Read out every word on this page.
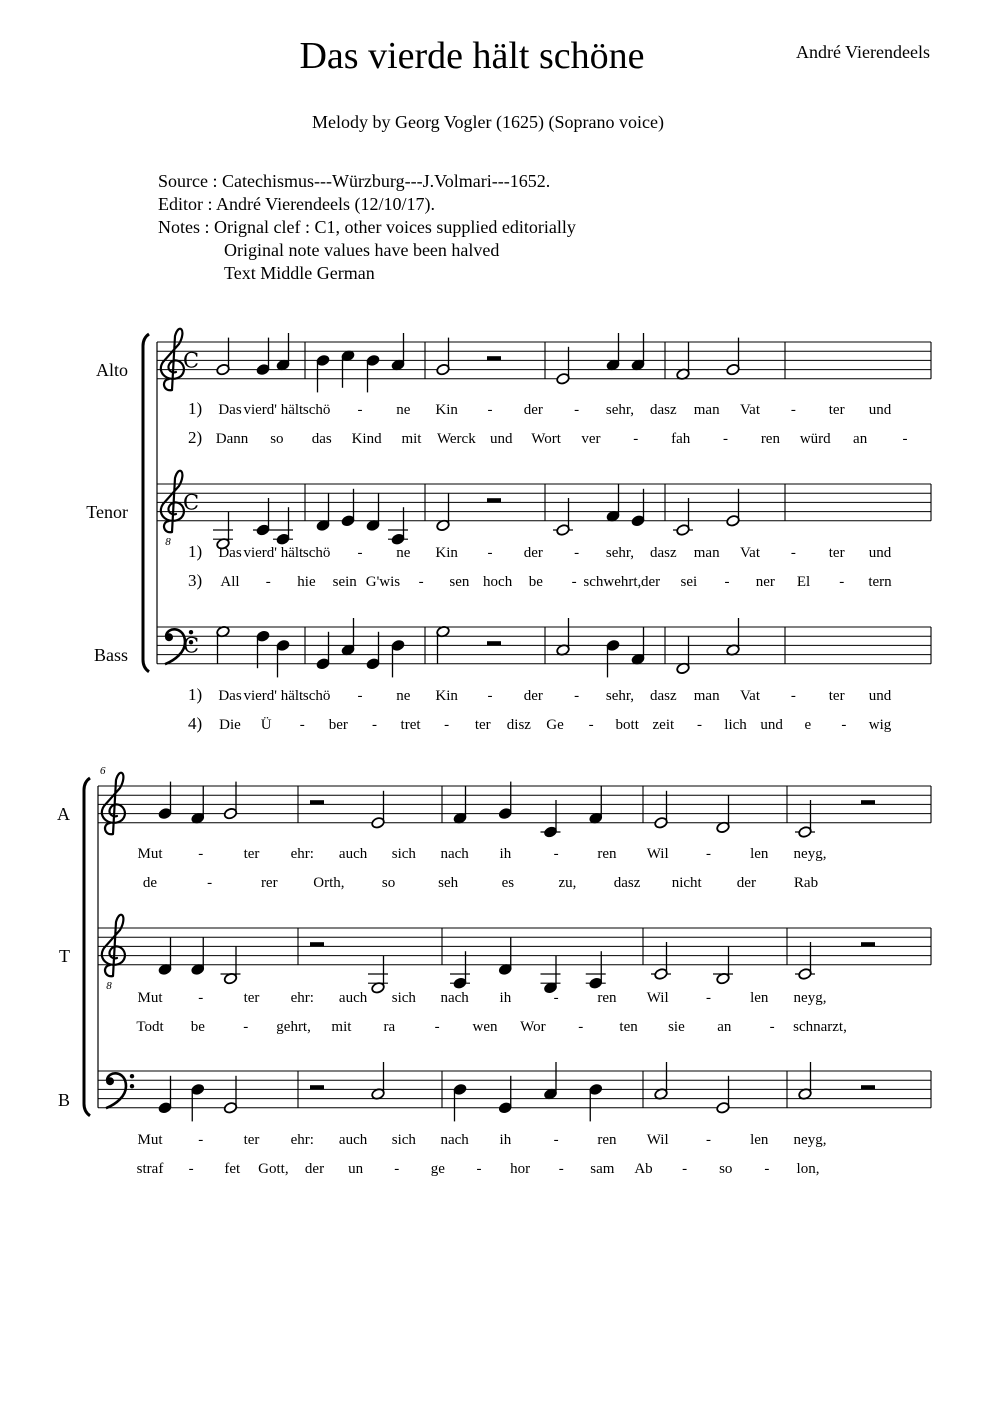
Das vierde hält schöne	André Vierendeels
Melody by Georg Vogler (1625) (Soprano voice)
Source : Catechismus---Würzburg---J.Volmari---1652.
Editor : André Vierendeels (12/10/17).
Notes : Orignal clef : C1, other voices supplied editorially
Original note values have been halved
Text Middle German
Alto
Tenor
Bass
A
T
B
C
C
C
8
8
6
1)
2)
1)
3)
1)
4)
Das vierd' hält schö - ne Kin - der - sehr, dasz man Vat - ter und
Dann so das Kind mit Werck und Wort ver - fah - ren würd an -
Das vierd' hält schö - ne Kin - der - sehr, dasz man Vat - ter und
All - hie sein G'wis - sen hoch be - schwehrt, der sei - ner El - tern
Das vierd' hält schö - ne Kin - der - sehr, dasz man Vat - ter und
Die Ü - ber - tret - ter disz Ge - bott zeit - lich und e - wig
Mut -	ter ehr: auch sich nach ih	-	ren Wil -	len neyg,
de	-	rer Orth, so	seh	es	zu, dasz nicht der	Rab
Mut -	ter ehr: auch sich nach ih	-	ren Wil -	len neyg,
Todt be	- gehrt, mit ra	- wen Wor - ten sie an	- schnarzt,
Mut -	ter ehr: auch sich nach ih	-	ren Wil -	len neyg,
straf - fet Gott, der un - ge - hor - sam Ab - so - lon,
